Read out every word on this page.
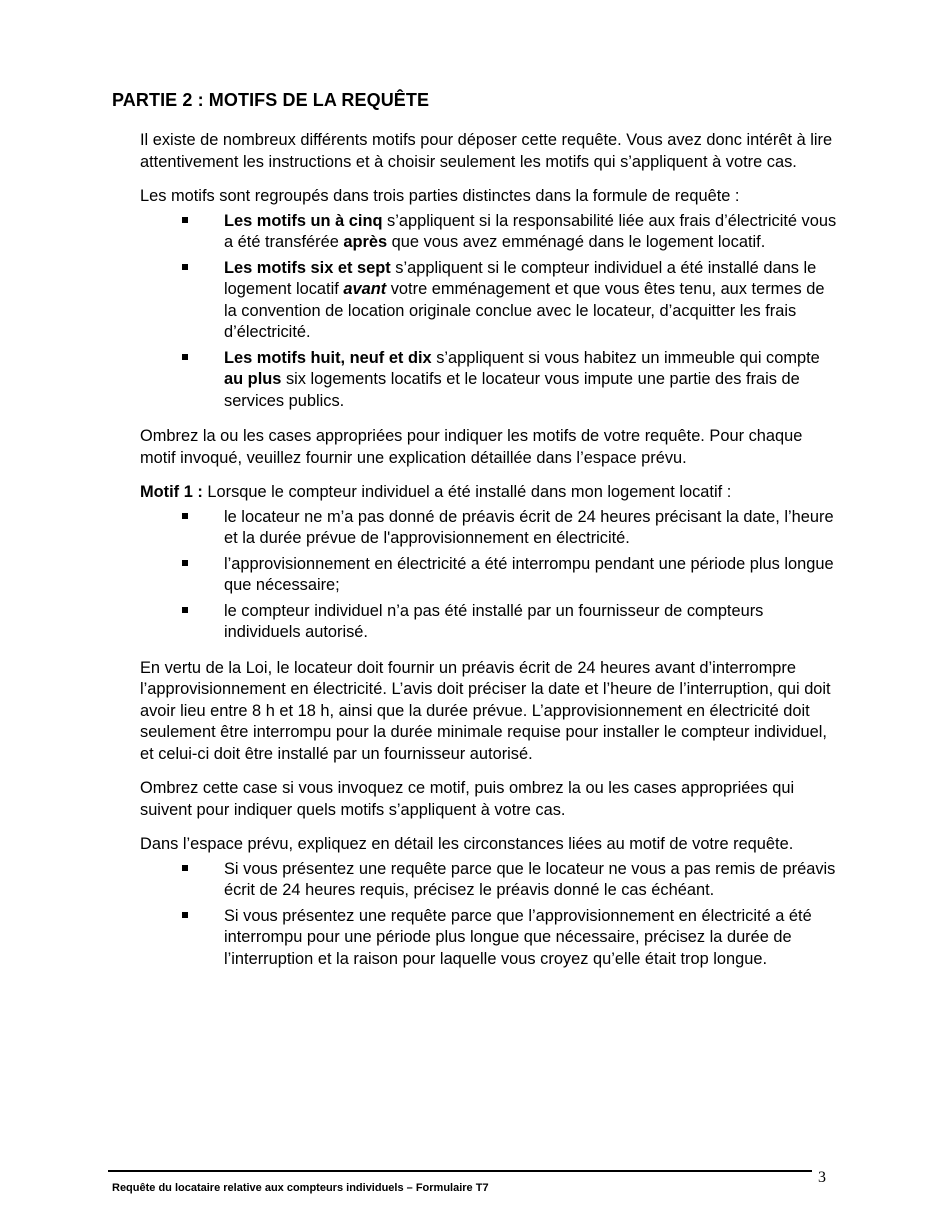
PARTIE 2 : MOTIFS DE LA REQUÊTE

Il existe de nombreux différents motifs pour déposer cette requête. Vous avez donc intérêt à lire attentivement les instructions et à choisir seulement les motifs qui s’appliquent à votre cas.

Les motifs sont regroupés dans trois parties distinctes dans la formule de requête :

Les motifs un à cinq s’appliquent si la responsabilité liée aux frais d’électricité vous a été transférée après que vous avez emménagé dans le logement locatif.
Les motifs six et sept s’appliquent si le compteur individuel a été installé dans le logement locatif avant votre emménagement et que vous êtes tenu, aux termes de la convention de location originale conclue avec le locateur, d’acquitter les frais d’électricité.
Les motifs huit, neuf et dix s’appliquent si vous habitez un immeuble qui compte au plus six logements locatifs et le locateur vous impute une partie des frais de services publics.

Ombrez la ou les cases appropriées pour indiquer les motifs de votre requête. Pour chaque motif invoqué, veuillez fournir une explication détaillée dans l’espace prévu.

Motif 1 : Lorsque le compteur individuel a été installé dans mon logement locatif :

le locateur ne m’a pas donné de préavis écrit de 24 heures précisant la date, l’heure et la durée prévue de l'approvisionnement en électricité.
l’approvisionnement en électricité a été interrompu pendant une période plus longue que nécessaire;
le compteur individuel n’a pas été installé par un fournisseur de compteurs individuels autorisé.

En vertu de la Loi, le locateur doit fournir un préavis écrit de 24 heures avant d’interrompre l’approvisionnement en électricité. L’avis doit préciser la date et l’heure de l’interruption, qui doit avoir lieu entre 8 h et 18 h, ainsi que la durée prévue. L’approvisionnement en électricité doit seulement être interrompu pour la durée minimale requise pour installer le compteur individuel, et celui-ci doit être installé par un fournisseur autorisé.

Ombrez cette case si vous invoquez ce motif, puis ombrez la ou les cases appropriées qui suivent pour indiquer quels motifs s’appliquent à votre cas.

Dans l’espace prévu, expliquez en détail les circonstances liées au motif de votre requête.

Si vous présentez une requête parce que le locateur ne vous a pas remis de préavis écrit de 24 heures requis, précisez le préavis donné le cas échéant.
Si vous présentez une requête parce que l’approvisionnement en électricité a été interrompu pour une période plus longue que nécessaire, précisez la durée de l’interruption et la raison pour laquelle vous croyez qu’elle était trop longue.
Requête du locataire relative aux compteurs individuels – Formulaire T7
3
